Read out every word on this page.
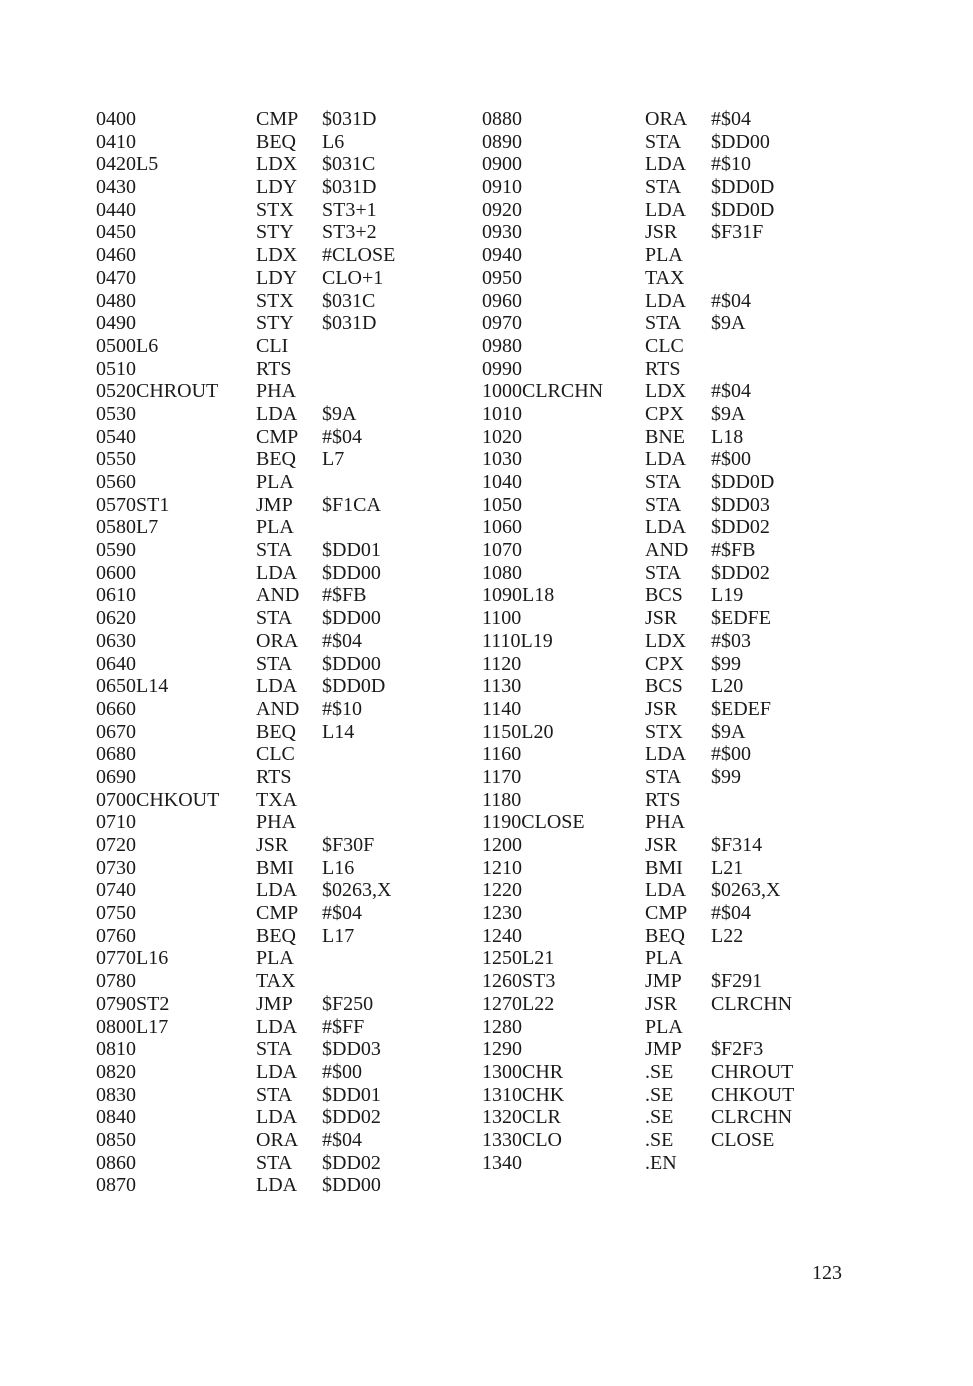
0400	CMP $031D
0410	BEQ L6
0420L5	LDX $031C
0430	LDY $031D
0440	STX ST3+1
0450	STY ST3+2
0460	LDX #CLOSE
0470	LDY CLO+1
0480	STX $031C
0490	STY $031D
0500L6	CLI
0510	RTS
0520CHROUT PHA
0530	LDA $9A
0540	CMP #$04
0550	BEQ L7
0560	PLA
0570ST1	JMP $F1CA
0580L7	PLA
0590	STA $DD01
0600	LDA $DD00
0610	AND #$FB
0620	STA $DD00
0630	ORA #$04
0640	STA $DD00
0650L14	LDA $DD0D
0660	AND #$10
0670	BEQ L14
0680	CLC
0690	RTS
0700CHKOUT TXA
0710	PHA
0720	JSR $F30F
0730	BMI L16
0740	LDA $0263,X
0750	CMP #$04
0760	BEQ L17
0770L16	PLA
0780	TAX
0790ST2	JMP $F250
0800L17	LDA #$FF
0810	STA $DD03
0820	LDA #$00
0830	STA $DD01
0840	LDA $DD02
0850	ORA #$04
0860	STA $DD02
0870	LDA $DD00
0880	ORA #$04
0890	STA $DD00
0900	LDA #$10
0910	STA $DD0D
0920	LDA $DD0D
0930	JSR $F31F
0940	PLA
0950	TAX
0960	LDA #$04
0970	STA $9A
0980	CLC
0990	RTS
1000CLRCHN LDX #$04
1010	CPX $9A
1020	BNE L18
1030	LDA #$00
1040	STA $DD0D
1050	STA $DD03
1060	LDA $DD02
1070	AND #$FB
1080	STA $DD02
1090L18	BCS L19
1100	JSR $EDFE
1110L19	LDX #$03
1120	CPX $99
1130	BCS L20
1140	JSR $EDEF
1150L20	STX $9A
1160	LDA #$00
1170	STA $99
1180	RTS
1190CLOSE	PHA
1200	JSR $F314
1210	BMI L21
1220	LDA $0263,X
1230	CMP #$04
1240	BEQ L22
1250L21	PLA
1260ST3	JMP $F291
1270L22	JSR CLRCHN
1280	PLA
1290	JMP $F2F3
1300CHR	.SE CHROUT
1310CHK	.SE CHKOUT
1320CLR	.SE CLRCHN
1330CLO	.SE CLOSE
1340	.EN
123
